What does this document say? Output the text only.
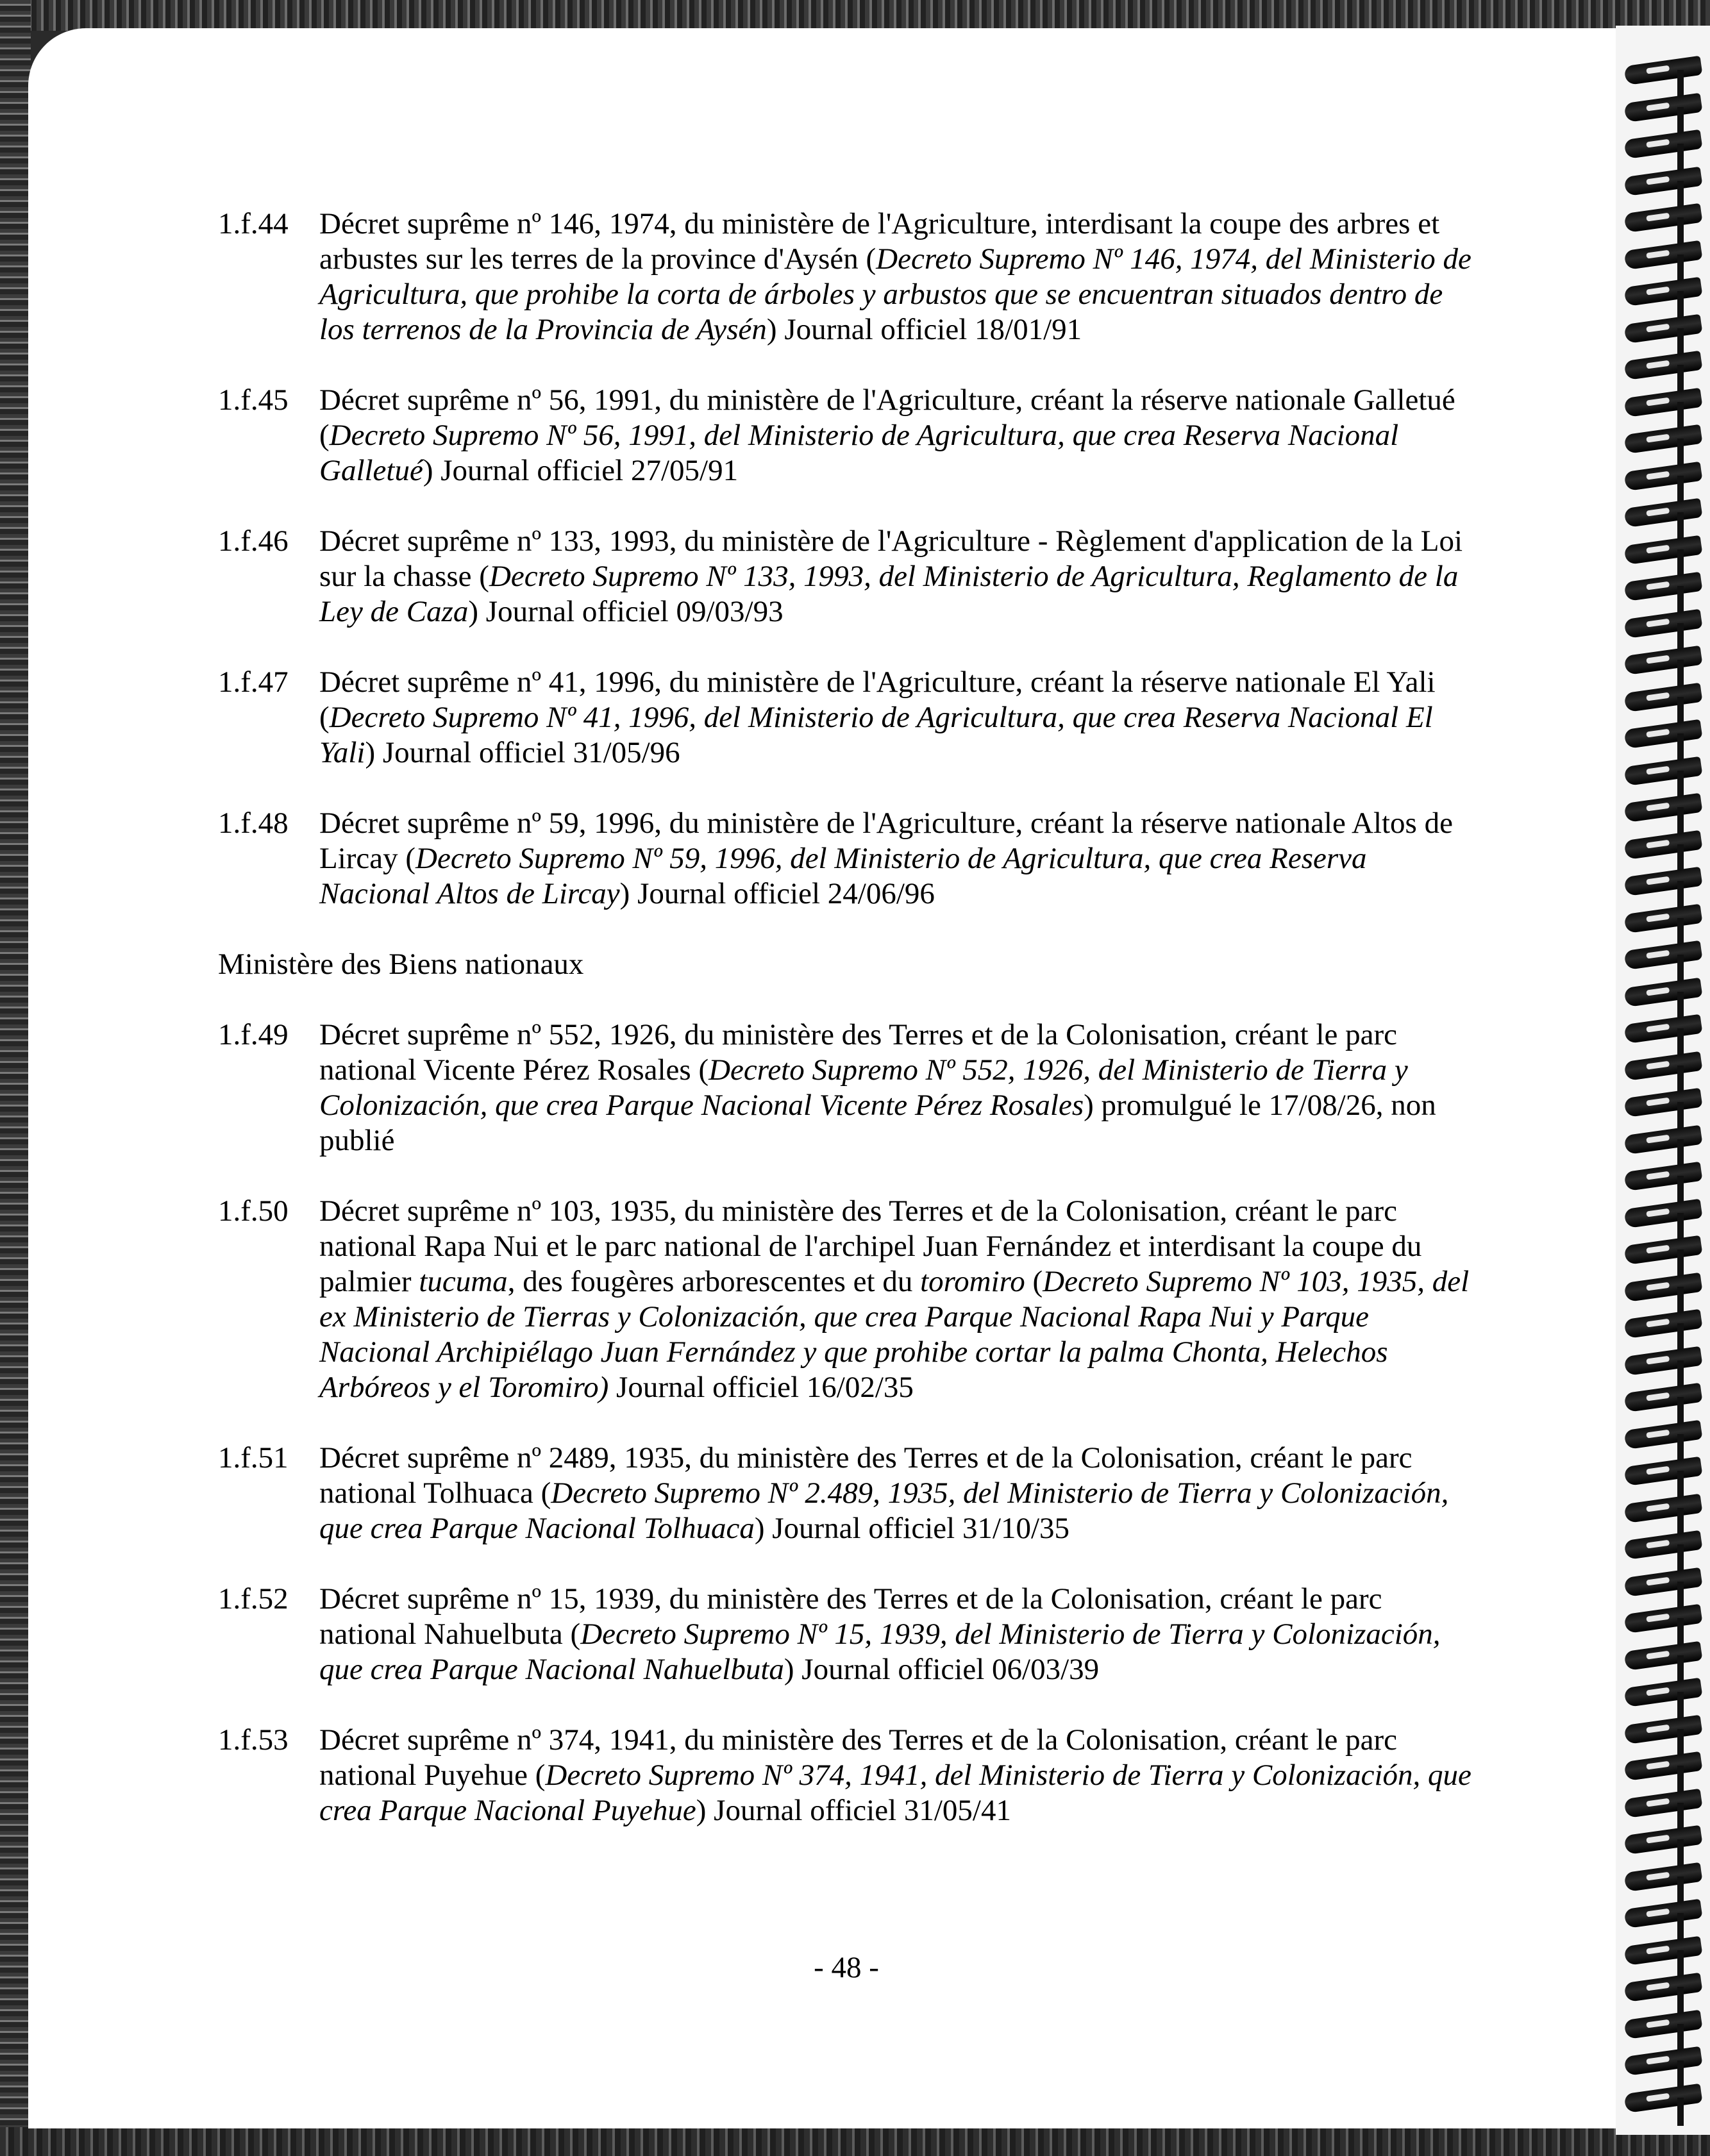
1.f.44	Décret suprême nº 146, 1974, du ministère de l'Agriculture, interdisant la coupe des arbres et arbustes sur les terres de la province d'Aysén (Decreto Supremo Nº 146, 1974, del Ministerio de Agricultura, que prohibe la corta de árboles y arbustos que se encuentran situados dentro de los terrenos de la Provincia de Aysén) Journal officiel 18/01/91
1.f.45	Décret suprême nº 56, 1991, du ministère de l'Agriculture, créant la réserve nationale Galletué (Decreto Supremo Nº 56, 1991, del Ministerio de Agricultura, que crea Reserva Nacional Galletué) Journal officiel 27/05/91
1.f.46	Décret suprême nº 133, 1993, du ministère de l'Agriculture - Règlement d'application de la Loi sur la chasse (Decreto Supremo Nº 133, 1993, del Ministerio de Agricultura, Reglamento de la Ley de Caza) Journal officiel 09/03/93
1.f.47	Décret suprême nº 41, 1996, du ministère de l'Agriculture, créant la réserve nationale El Yali (Decreto Supremo Nº 41, 1996, del Ministerio de Agricultura, que crea Reserva Nacional El Yali) Journal officiel 31/05/96
1.f.48	Décret suprême nº 59, 1996, du ministère de l'Agriculture, créant la réserve nationale Altos de Lircay (Decreto Supremo Nº 59, 1996, del Ministerio de Agricultura, que crea Reserva Nacional Altos de Lircay) Journal officiel 24/06/96
Ministère des Biens nationaux
1.f.49	Décret suprême nº 552, 1926, du ministère des Terres et de la Colonisation, créant le parc national Vicente Pérez Rosales (Decreto Supremo Nº 552, 1926, del Ministerio de Tierra y Colonización, que crea Parque Nacional Vicente Pérez Rosales) promulgué le 17/08/26, non publié
1.f.50	Décret suprême nº 103, 1935, du ministère des Terres et de la Colonisation, créant le parc national Rapa Nui et le parc national de l'archipel Juan Fernández et interdisant la coupe du palmier tucuma, des fougères arborescentes et du toromiro (Decreto Supremo Nº 103, 1935, del ex Ministerio de Tierras y Colonización, que crea Parque Nacional Rapa Nui y Parque Nacional Archipiélago Juan Fernández y que prohibe cortar la palma Chonta, Helechos Arbóreos y el Toromiro) Journal officiel 16/02/35
1.f.51	Décret suprême nº 2489, 1935, du ministère des Terres et de la Colonisation, créant le parc national Tolhuaca (Decreto Supremo Nº 2.489, 1935, del Ministerio de Tierra y Colonización, que crea Parque Nacional Tolhuaca) Journal officiel 31/10/35
1.f.52	Décret suprême nº 15, 1939, du ministère des Terres et de la Colonisation, créant le parc national Nahuelbuta (Decreto Supremo Nº 15, 1939, del Ministerio de Tierra y Colonización, que crea Parque Nacional Nahuelbuta) Journal officiel 06/03/39
1.f.53	Décret suprême nº 374, 1941, du ministère des Terres et de la Colonisation, créant le parc national Puyehue (Decreto Supremo Nº 374, 1941, del Ministerio de Tierra y Colonización, que crea Parque Nacional Puyehue) Journal officiel 31/05/41
- 48 -
